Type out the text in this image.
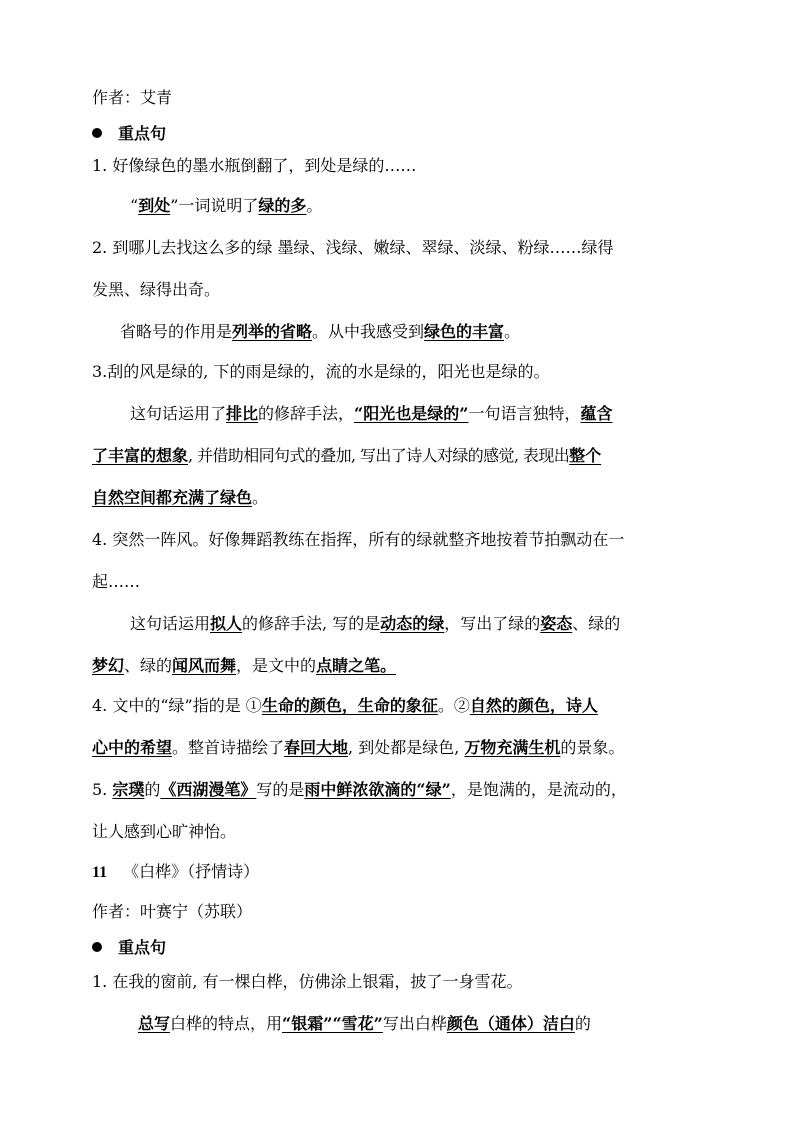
作者：艾青
重点句
1. 好像绿色的墨水瓶倒翻了，到处是绿的……
“到处”一词说明了绿的多。
2. 到哪儿去找这么多的绿 墨绿、浅绿、嫩绿、翠绿、淡绿、粉绿……绿得
发黑、绿得出奇。
省略号的作用是列举的省略。从中我感受到绿色的丰富。
3.刮的风是绿的, 下的雨是绿的，流的水是绿的，阳光也是绿的。
这句话运用了排比的修辞手法，“阳光也是绿的”一句语言独特，蕴含
了丰富的想象, 并借助相同句式的叠加, 写出了诗人对绿的感觉, 表现出整个
自然空间都充满了绿色。
4. 突然一阵风。好像舞蹈教练在指挥，所有的绿就整齐地按着节拍飘动在一
起……
这句话运用拟人的修辞手法, 写的是动态的绿，写出了绿的姿态、绿的
梦幻、绿的闻风而舞，是文中的点睛之笔。
4. 文中的“绿”指的是 ①生命的颜色，生命的象征。②自然的颜色，诗人
心中的希望。整首诗描绘了春回大地, 到处都是绿色, 万物充满生机的景象。
5. 宗璞的《西湖漫笔》写的是雨中鲜浓欲滴的“绿”，是饱满的，是流动的，
让人感到心旷神怡。
11 《白桦》（抒情诗）
作者：叶赛宁（苏联）
重点句
1. 在我的窗前, 有一棵白桦，仿佛涂上银霜，披了一身雪花。
总写白桦的特点，用“银霜”“雪花”写出白桦颜色（通体）洁白的
